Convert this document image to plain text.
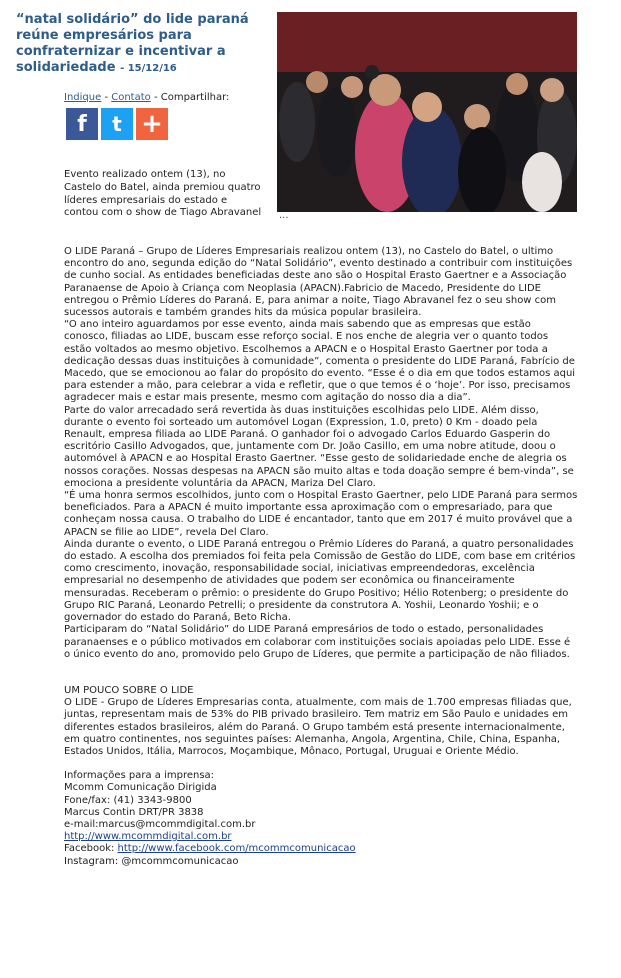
“natal solidário” do lide paraná reúne empresários para confraternizar e incentivar a solidariedade - 15/12/16
...
Indique - Contato - Compartilhar:
f	t +
Evento realizado ontem (13), no Castelo do Batel, ainda premiou quatro líderes empresariais do estado e contou com o show de Tiago Abravanel

O LIDE Paraná – Grupo de Líderes Empresariais realizou ontem (13), no Castelo do Batel, o ultimo encontro do ano, segunda edição do “Natal Solidário”, evento destinado a contribuir com instituições de cunho social. As entidades beneficiadas deste ano são o Hospital Erasto Gaertner e a Associação Paranaense de Apoio à Criança com Neoplasia (APACN).Fabricio de Macedo, Presidente do LIDE entregou o Prêmio Líderes do Paraná. E, para animar a noite, Tiago Abravanel fez o seu show com sucessos autorais e também grandes hits da música popular brasileira.

“O ano inteiro aguardamos por esse evento, ainda mais sabendo que as empresas que estão conosco, filiadas ao LIDE, buscam esse reforço social. E nos enche de alegria ver o quanto todos estão voltados ao mesmo objetivo. Escolhemos a APACN e o Hospital Erasto Gaertner por toda a dedicação dessas duas instituições à comunidade”, comenta o presidente do LIDE Paraná, Fabrício de Macedo, que se emocionou ao falar do propósito do evento. “Esse é o dia em que todos estamos aqui para estender a mão, para celebrar a vida e refletir, que o que temos é o ‘hoje’. Por isso, precisamos agradecer mais e estar mais presente, mesmo com agitação do nosso dia a dia”.

Parte do valor arrecadado será revertida às duas instituições escolhidas pelo LIDE. Além disso, durante o evento foi sorteado um automóvel Logan (Expression, 1.0, preto) 0 Km - doado pela Renault, empresa filiada ao LIDE Paraná. O ganhador foi o advogado Carlos Eduardo Gasperin do escritório Casillo Advogados, que, juntamente com Dr. João Casillo, em uma nobre atitude, doou o automóvel à APACN e ao Hospital Erasto Gaertner. “Esse gesto de solidariedade enche de alegria os nossos corações. Nossas despesas na APACN são muito altas e toda doação sempre é bem-vinda”, se emociona a presidente voluntária da APACN, Mariza Del Claro.

“É uma honra sermos escolhidos, junto com o Hospital Erasto Gaertner, pelo LIDE Paraná para sermos beneficiados. Para a APACN é muito importante essa aproximação com o empresariado, para que conheçam nossa causa. O trabalho do LIDE é encantador, tanto que em 2017 é muito provável que a APACN se filie ao LIDE”, revela Del Claro.

Ainda durante o evento, o LIDE Paraná entregou o Prêmio Líderes do Paraná, a quatro personalidades do estado. A escolha dos premiados foi feita pela Comissão de Gestão do LIDE, com base em critérios como crescimento, inovação, responsabilidade social, iniciativas empreendedoras, excelência empresarial no desempenho de atividades que podem ser econômica ou financeiramente mensuradas. Receberam o prêmio: o presidente do Grupo Positivo; Hélio Rotenberg; o presidente do Grupo RIC Paraná, Leonardo Petrelli; o presidente da construtora A. Yoshii, Leonardo Yoshii; e o governador do estado do Paraná, Beto Richa.

Participaram do “Natal Solidário” do LIDE Paraná empresários de todo o estado, personalidades paranaenses e o público motivados em colaborar com instituições sociais apoiadas pelo LIDE. Esse é o único evento do ano, promovido pelo Grupo de Líderes, que permite a participação de não filiados.

UM POUCO SOBRE O LIDE

O LIDE - Grupo de Líderes Empresarias conta, atualmente, com mais de 1.700 empresas filiadas que, juntas, representam mais de 53% do PIB privado brasileiro. Tem matriz em São Paulo e unidades em diferentes estados brasileiros, além do Paraná. O Grupo também está presente internacionalmente, em quatro continentes, nos seguintes países: Alemanha, Angola, Argentina, Chile, China, Espanha, Estados Unidos, Itália, Marrocos, Moçambique, Mônaco, Portugal, Uruguai e Oriente Médio.

Informações para a imprensa:

Mcomm Comunicação Dirigida

Fone/fax: (41) 3343-9800

Marcus Contin DRT/PR 3838

e-mail:marcus@mcommdigital.com.br

http://www.mcommdigital.com.br

Facebook: http://www.facebook.com/mcommcomunicacao

Instagram: @mcommcomunicacao
